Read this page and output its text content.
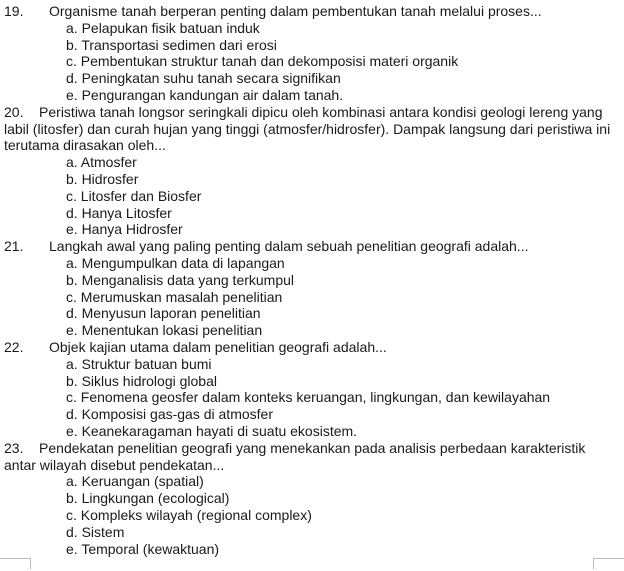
19.	Organisme tanah berperan penting dalam pembentukan tanah melalui proses...
a. Pelapukan fisik batuan induk
b. Transportasi sedimen dari erosi
c. Pembentukan struktur tanah dan dekomposisi materi organik
d. Peningkatan suhu tanah secara signifikan
e. Pengurangan kandungan air dalam tanah.
20. Peristiwa tanah longsor seringkali dipicu oleh kombinasi antara kondisi geologi lereng yang labil (litosfer) dan curah hujan yang tinggi (atmosfer/hidrosfer). Dampak langsung dari peristiwa ini terutama dirasakan oleh...
a. Atmosfer
b. Hidrosfer
c. Litosfer dan Biosfer
d. Hanya Litosfer
e. Hanya Hidrosfer
21.	Langkah awal yang paling penting dalam sebuah penelitian geografi adalah...
a. Mengumpulkan data di lapangan
b. Menganalisis data yang terkumpul
c. Merumuskan masalah penelitian
d. Menyusun laporan penelitian
e. Menentukan lokasi penelitian
22.	Objek kajian utama dalam penelitian geografi adalah...
a. Struktur batuan bumi
b. Siklus hidrologi global
c. Fenomena geosfer dalam konteks keruangan, lingkungan, dan kewilayahan
d. Komposisi gas-gas di atmosfer
e. Keanekaragaman hayati di suatu ekosistem.
23. Pendekatan penelitian geografi yang menekankan pada analisis perbedaan karakteristik antar wilayah disebut pendekatan...
a. Keruangan (spatial)
b. Lingkungan (ecological)
c. Kompleks wilayah (regional complex)
d. Sistem
e. Temporal (kewaktuan)
